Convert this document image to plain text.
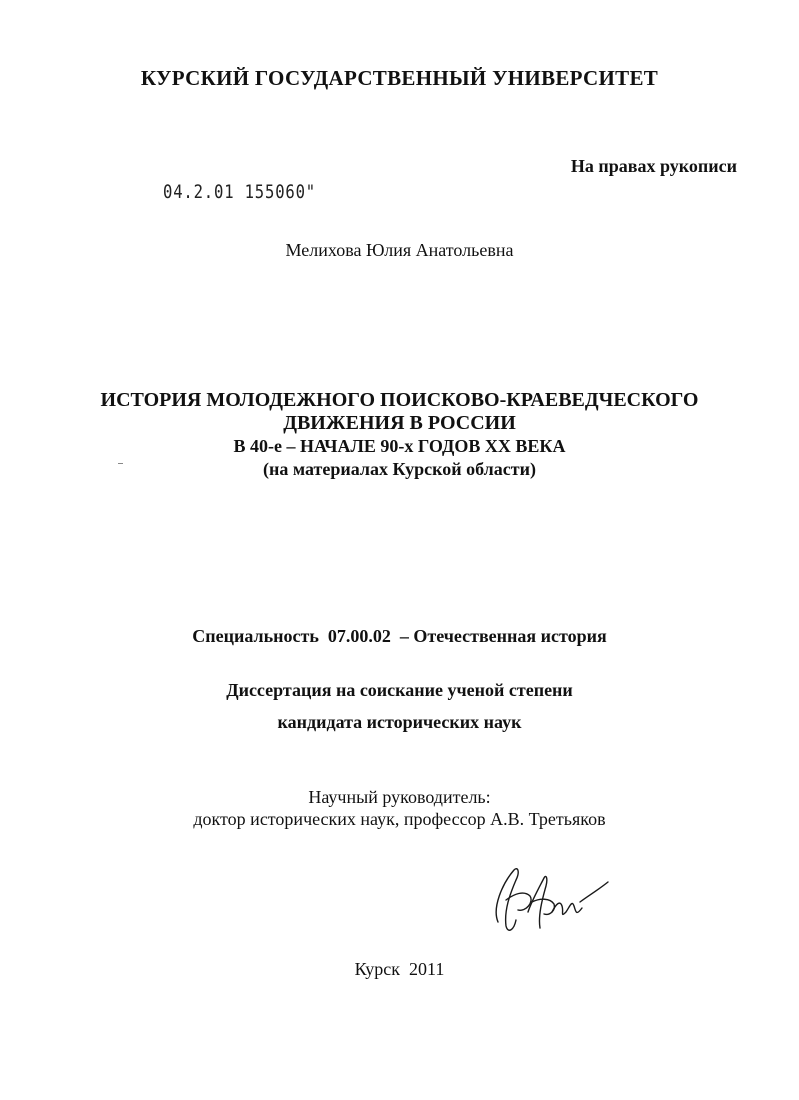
КУРСКИЙ ГОСУДАРСТВЕННЫЙ УНИВЕРСИТЕТ

На правах рукописи

04.2.01 155060"

Мелихова Юлия Анатольевна

ИСТОРИЯ МОЛОДЕЖНОГО ПОИСКОВО-КРАЕВЕДЧЕСКОГО
ДВИЖЕНИЯ В РОССИИ
В 40-е – НАЧАЛЕ 90-х ГОДОВ XX ВЕКА
(на материалах Курской области)

Специальность  07.00.02  – Отечественная история

Диссертация на соискание ученой степени

кандидата исторических наук

Научный руководитель:
доктор исторических наук, профессор А.В. Третьяков

Курск  2011
